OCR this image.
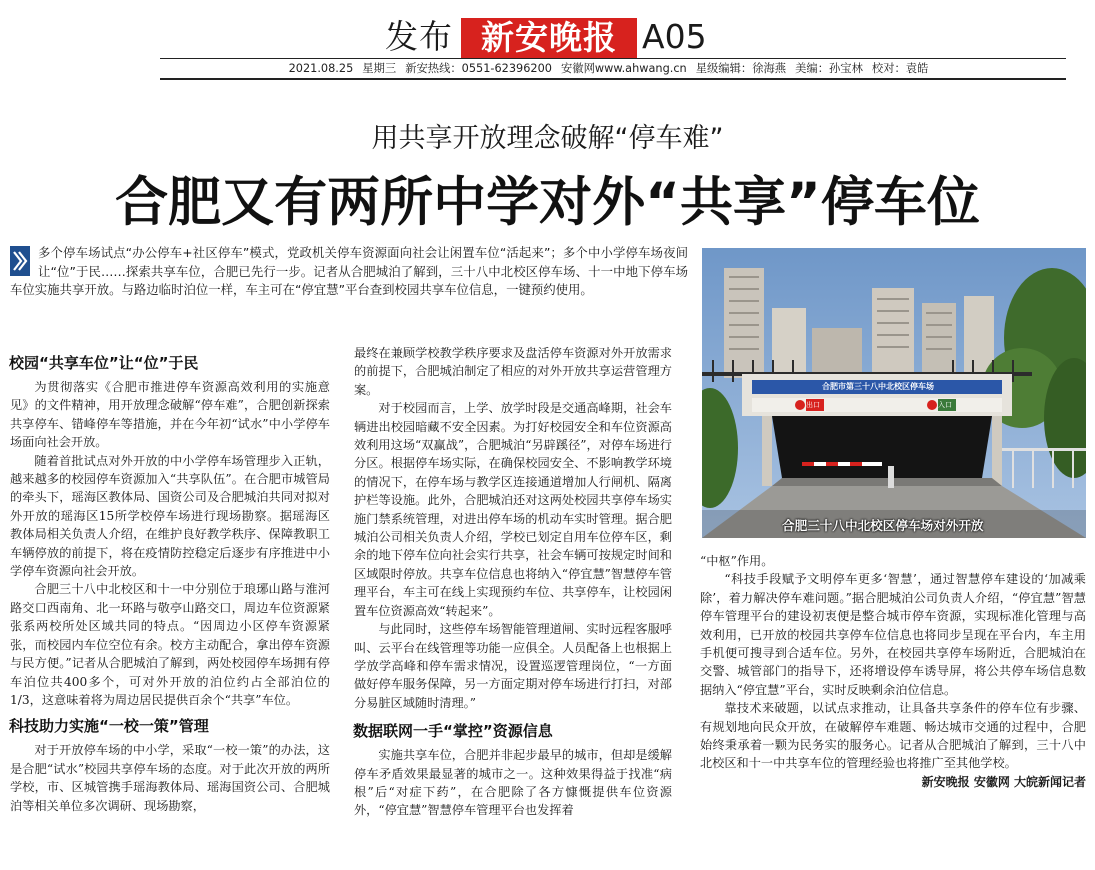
发布 新安晚报 A05
2021.08.25 星期三 新安热线：0551-62396200 安徽网www.ahwang.cn 星级编辑：徐海燕 美编：孙宝林 校对：袁皓
用共享开放理念破解“停车难”
合肥又有两所中学对外“共享”停车位

多个停车场试点“办公停车+社区停车”模式，党政机关停车资源面向社会让闲置车位“活起来”；多个中小学停车场夜间让“位”于民……探索共享车位，合肥已先行一步。记者从合肥城泊了解到，三十八中北校区停车场、十一中地下停车场车位实施共享开放。与路边临时泊位一样，车主可在“停宜慧”平台查到校园共享车位信息，一键预约使用。

合肥市第三十八中北校区停车场
出口	入口
合肥三十八中北校区停车场对外开放
校园“共享车位”让“位”于民

为贯彻落实《合肥市推进停车资源高效利用的实施意见》的文件精神，用开放理念破解“停车难”，合肥创新探索共享停车、错峰停车等措施，并在今年初“试水”中小学停车场面向社会开放。

随着首批试点对外开放的中小学停车场管理步入正轨，越来越多的校园停车资源加入“共享队伍”。在合肥市城管局的牵头下，瑶海区教体局、国资公司及合肥城泊共同对拟对外开放的瑶海区15所学校停车场进行现场勘察。据瑶海区教体局相关负责人介绍，在维护良好教学秩序、保障教职工车辆停放的前提下，将在疫情防控稳定后逐步有序推进中小学停车资源向社会开放。

合肥三十八中北校区和十一中分别位于琅琊山路与淮河路交口西南角、北一环路与敬亭山路交口，周边车位资源紧张系两校所处区域共同的特点。“因周边小区停车资源紧张，而校园内车位空位有余。校方主动配合，拿出停车资源与民方便。”记者从合肥城泊了解到，两处校园停车场拥有停车泊位共400多个，可对外开放的泊位约占全部泊位的1/3，这意味着将为周边居民提供百余个“共享”车位。

科技助力实施“一校一策”管理

对于开放停车场的中小学，采取“一校一策”的办法，这是合肥“试水”校园共享停车场的态度。对于此次开放的两所学校，市、区城管携手瑶海教体局、瑶海国资公司、合肥城泊等相关单位多次调研、现场勘察，

最终在兼顾学校教学秩序要求及盘活停车资源对外开放需求的前提下，合肥城泊制定了相应的对外开放共享运营管理方案。

对于校园而言，上学、放学时段是交通高峰期，社会车辆进出校园暗藏不安全因素。为打好校园安全和车位资源高效利用这场“双赢战”，合肥城泊“另辟蹊径”，对停车场进行分区。根据停车场实际，在确保校园安全、不影响教学环境的情况下，在停车场与教学区连接通道增加人行闸机、隔离护栏等设施。此外，合肥城泊还对这两处校园共享停车场实施门禁系统管理，对进出停车场的机动车实时管理。据合肥城泊公司相关负责人介绍，学校已划定自用车位停车区，剩余的地下停车位向社会实行共享，社会车辆可按规定时间和区域限时停放。共享车位信息也将纳入“停宜慧”智慧停车管理平台，车主可在线上实现预约车位、共享停车，让校园闲置车位资源高效“转起来”。

与此同时，这些停车场智能管理道闸、实时远程客服呼叫、云平台在线管理等功能一应俱全。人员配备上也根据上学放学高峰和停车需求情况，设置巡逻管理岗位，“一方面做好停车服务保障，另一方面定期对停车场进行打扫，对部分易脏区域随时清理。”

数据联网一手“掌控”资源信息

实施共享车位，合肥并非起步最早的城市，但却是缓解停车矛盾效果最显著的城市之一。这种效果得益于找准“病根”后“对症下药”，在合肥除了各方慷慨提供车位资源外，“停宜慧”智慧停车管理平台也发挥着

“中枢”作用。

“科技手段赋予文明停车更多‘智慧’，通过智慧停车建设的‘加减乘除’，着力解决停车难问题。”据合肥城泊公司负责人介绍，“停宜慧”智慧停车管理平台的建设初衷便是整合城市停车资源，实现标准化管理与高效利用，已开放的校园共享停车位信息也将同步呈现在平台内，车主用手机便可搜寻到合适车位。另外，在校园共享停车场附近，合肥城泊在交警、城管部门的指导下，还将增设停车诱导屏，将公共停车场信息数据纳入“停宜慧”平台，实时反映剩余泊位信息。

靠技术来破题，以试点求推动，让具备共享条件的停车位有步骤、有规划地向民众开放，在破解停车难题、畅达城市交通的过程中，合肥始终秉承着一颗为民务实的服务心。记者从合肥城泊了解到，三十八中北校区和十一中共享车位的管理经验也将推广至其他学校。
新安晚报 安徽网 大皖新闻记者
